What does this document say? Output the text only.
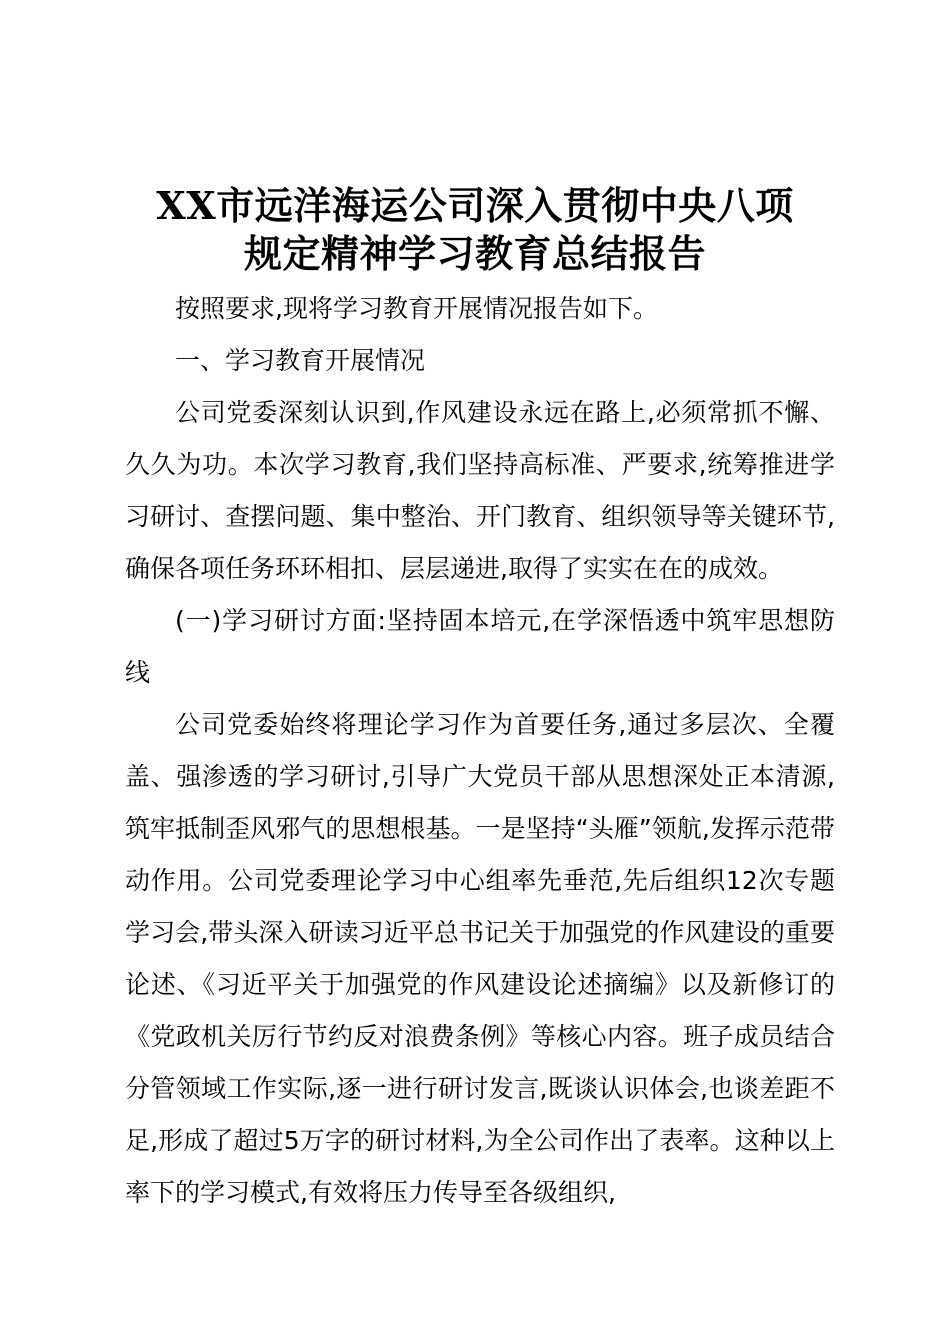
XX市远洋海运公司深入贯彻中央八项
规定精神学习教育总结报告

按照要求,现将学习教育开展情况报告如下。

一、学习教育开展情况

公司党委深刻认识到,作风建设永远在路上,必须常抓不懈、久久为功。本次学习教育,我们坚持高标准、严要求,统筹推进学习研讨、查摆问题、集中整治、开门教育、组织领导等关键环节,确保各项任务环环相扣、层层递进,取得了实实在在的成效。

(一)学习研讨方面:坚持固本培元,在学深悟透中筑牢思想防线

公司党委始终将理论学习作为首要任务,通过多层次、全覆盖、强渗透的学习研讨,引导广大党员干部从思想深处正本清源,筑牢抵制歪风邪气的思想根基。一是坚持“头雁”领航,发挥示范带动作用。公司党委理论学习中心组率先垂范,先后组织12次专题学习会,带头深入研读习近平总书记关于加强党的作风建设的重要论述、《习近平关于加强党的作风建设论述摘编》以及新修订的《党政机关厉行节约反对浪费条例》等核心内容。班子成员结合分管领域工作实际,逐一进行研讨发言,既谈认识体会,也谈差距不足,形成了超过5万字的研讨材料,为全公司作出了表率。这种以上率下的学习模式,有效将压力传导至各级组织,
